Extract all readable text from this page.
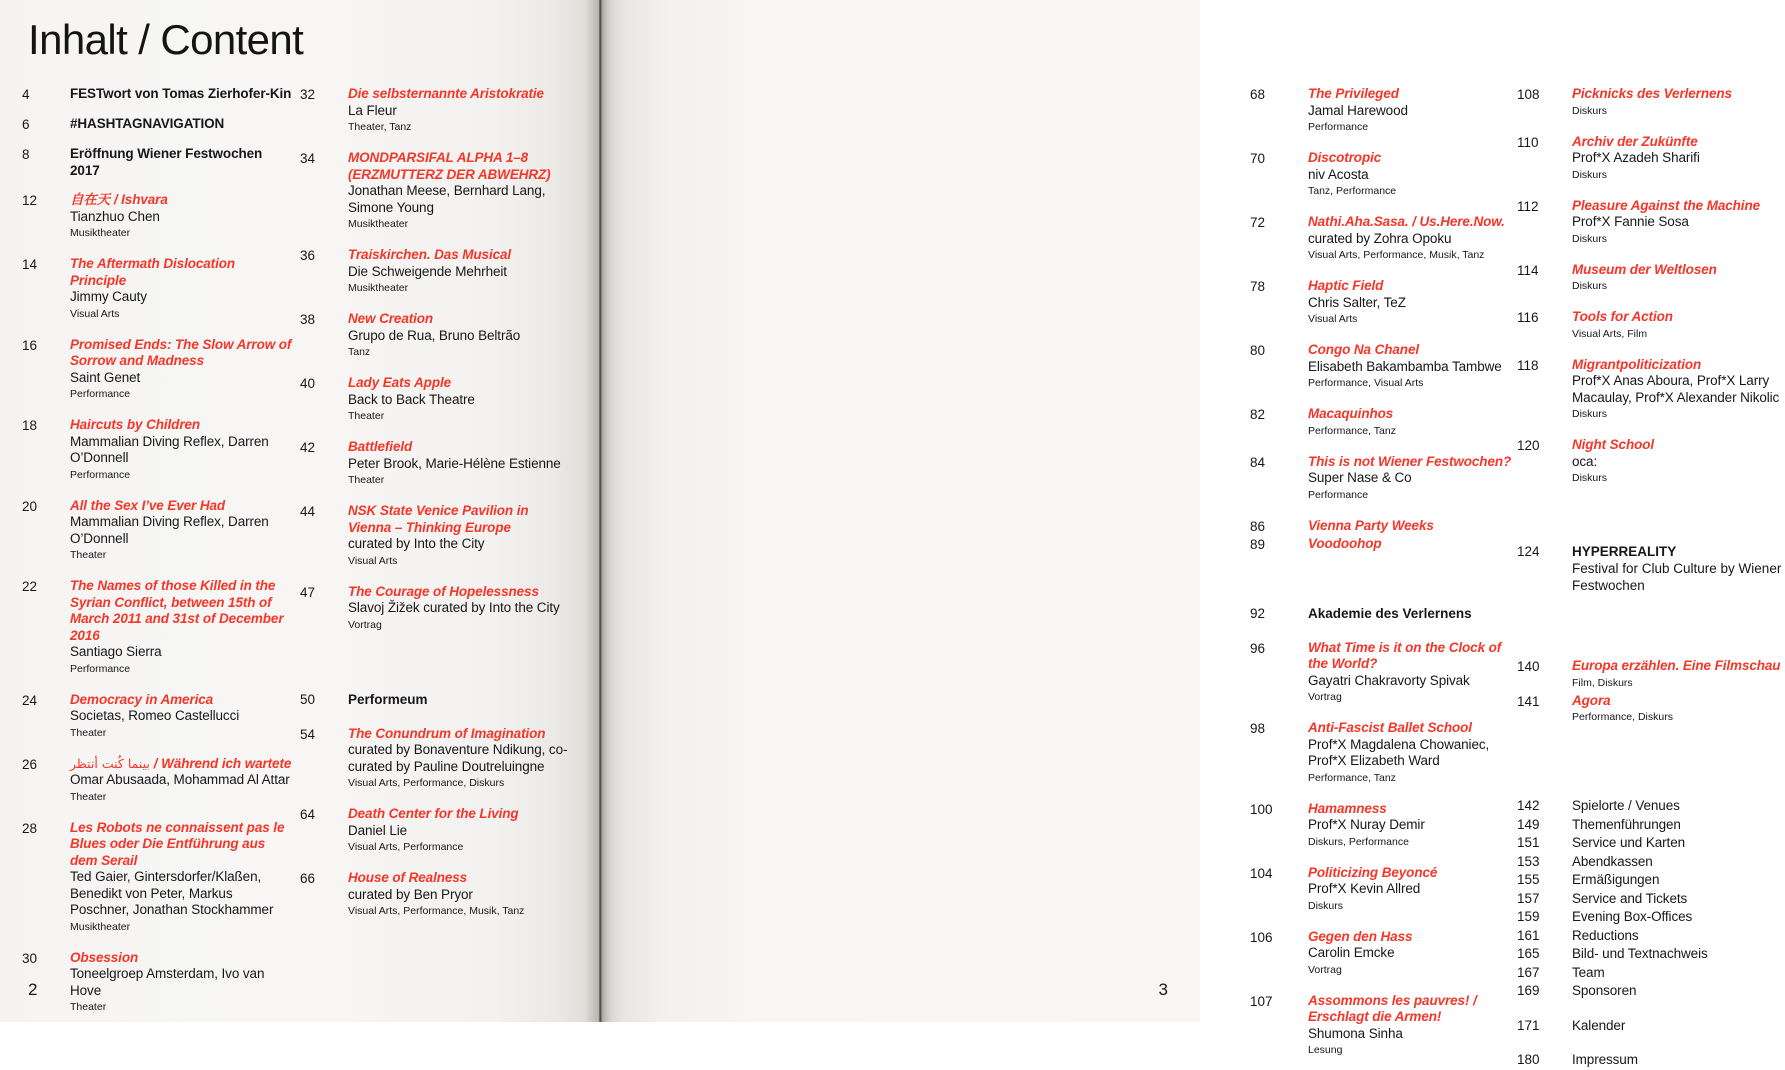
Inhalt / Content
4	FESTwort von Tomas Zierhofer-Kin
6	#HASHTAGNAVIGATION
8	Eröffnung Wiener Festwochen 2017
12	自在天 / Ishvara
Tianzhuo Chen
Musiktheater
14	The Aftermath Dislocation Principle
Jimmy Cauty
Visual Arts
16	Promised Ends: The Slow Arrow of Sorrow and Madness
Saint Genet
Performance
18	Haircuts by Children
Mammalian Diving Reflex, Darren O’Donnell
Performance
20	All the Sex I’ve Ever Had
Mammalian Diving Reflex, Darren O’Donnell
Theater
22	The Names of those Killed in the Syrian Conflict, between 15th of March 2011 and 31st of December 2016
Santiago Sierra
Performance
24	Democracy in America
Societas, Romeo Castellucci
Theater
26	بينما كُنت أنتظر / Während ich wartete
Omar Abusaada, Mohammad Al Attar
Theater
28	Les Robots ne connaissent pas le Blues oder Die Entführung aus dem Serail
Ted Gaier, Gintersdorfer/Klaßen, Benedikt von Peter, Markus Poschner, Jonathan Stockhammer
Musiktheater
30	Obsession
Toneelgroep Amsterdam, Ivo van Hove
Theater
32	Die selbsternannte Aristokratie
La Fleur
Theater, Tanz
34	MONDPARSIFAL ALPHA 1–8 (ERZMUTTERZ DER ABWEHRZ)
Jonathan Meese, Bernhard Lang, Simone Young
Musiktheater
36	Traiskirchen. Das Musical
Die Schweigende Mehrheit
Musiktheater
38	New Creation
Grupo de Rua, Bruno Beltrão
Tanz
40	Lady Eats Apple
Back to Back Theatre
Theater
42	Battlefield
Peter Brook, Marie-Hélène Estienne
Theater
44	NSK State Venice Pavilion in Vienna – Thinking Europe
curated by Into the City
Visual Arts
47	The Courage of Hopelessness
Slavoj Žižek curated by Into the City
Vortrag
50	Performeum
54	The Conundrum of Imagination
curated by Bonaventure Ndikung, co-curated by Pauline Doutreluingne
Visual Arts, Performance, Diskurs
64	Death Center for the Living
Daniel Lie
Visual Arts, Performance
66	House of Realness
curated by Ben Pryor
Visual Arts, Performance, Musik, Tanz
2
68	The Privileged
Jamal Harewood
Performance
70	Discotropic
niv Acosta
Tanz, Performance
72	Nathi.Aha.Sasa. / Us.Here.Now.
curated by Zohra Opoku
Visual Arts, Performance, Musik, Tanz
78	Haptic Field
Chris Salter, TeZ
Visual Arts
80	Congo Na Chanel
Elisabeth Bakambamba Tambwe
Performance, Visual Arts
82	Macaquinhos
Performance, Tanz
84	This is not Wiener Festwochen?
Super Nase & Co
Performance
86	Vienna Party Weeks
89	Voodoohop
92	Akademie des Verlernens
96	What Time is it on the Clock of the World?
Gayatri Chakravorty Spivak
Vortrag
98	Anti-Fascist Ballet School
Prof*X Magdalena Chowaniec, Prof*X Elizabeth Ward
Performance, Tanz
100	Hamamness
Prof*X Nuray Demir
Diskurs, Performance
104	Politicizing Beyoncé
Prof*X Kevin Allred
Diskurs
106	Gegen den Hass
Carolin Emcke
Vortrag
107	Assommons les pauvres! / Erschlagt die Armen!
Shumona Sinha
Lesung
108	Picknicks des Verlernens
Diskurs
110	Archiv der Zukünfte
Prof*X Azadeh Sharifi
Diskurs
112	Pleasure Against the Machine
Prof*X Fannie Sosa
Diskurs
114	Museum der Weltlosen
Diskurs
116	Tools for Action
Visual Arts, Film
118	Migrantpoliticization
Prof*X Anas Aboura, Prof*X Larry Macaulay, Prof*X Alexander Nikolic
Diskurs
120	Night School
oca:
Diskurs
124	HYPERREALITY
Festival for Club Culture by Wiener Festwochen
140	Europa erzählen. Eine Filmschau
Film, Diskurs
141	Agora
Performance, Diskurs
142	Spielorte / Venues
149	Themenführungen
151	Service und Karten
153	Abendkassen
155	Ermäßigungen
157	Service and Tickets
159	Evening Box-Offices
161	Reductions
165	Bild- und Textnachweis
167	Team
169	Sponsoren
171	Kalender
180	Impressum
3
